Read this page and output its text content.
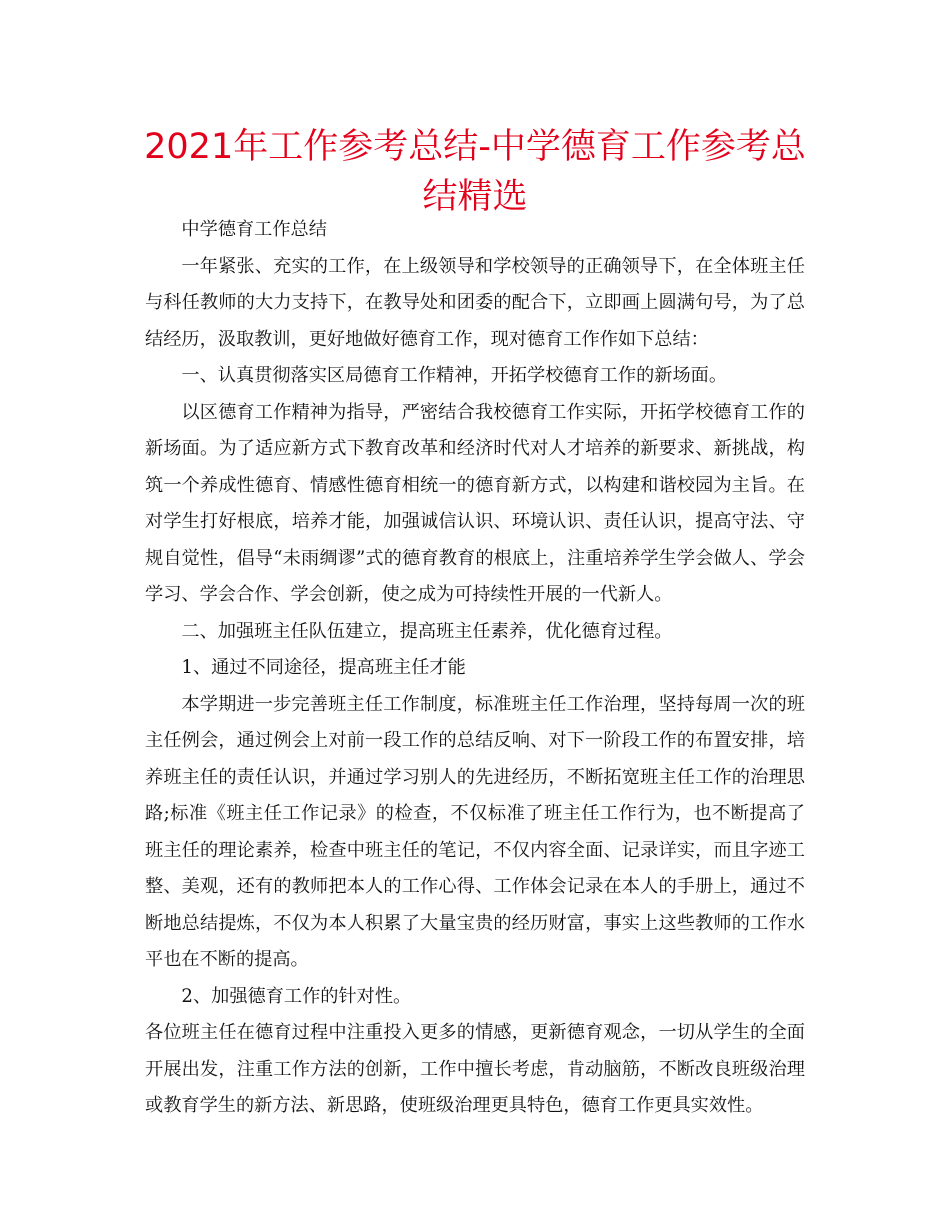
2021年工作参考总结-中学德育工作参考总结精选

中学德育工作总结

一年紧张、充实的工作，在上级领导和学校领导的正确领导下，在全体班主任与科任教师的大力支持下，在教导处和团委的配合下，立即画上圆满句号，为了总结经历，汲取教训，更好地做好德育工作，现对德育工作作如下总结：

一、认真贯彻落实区局德育工作精神，开拓学校德育工作的新场面。

以区德育工作精神为指导，严密结合我校德育工作实际，开拓学校德育工作的新场面。为了适应新方式下教育改革和经济时代对人才培养的新要求、新挑战，构筑一个养成性德育、情感性德育相统一的德育新方式，以构建和谐校园为主旨。在对学生打好根底，培养才能，加强诚信认识、环境认识、责任认识，提高守法、守规自觉性，倡导“未雨绸谬”式的德育教育的根底上，注重培养学生学会做人、学会学习、学会合作、学会创新，使之成为可持续性开展的一代新人。

二、加强班主任队伍建立，提高班主任素养，优化德育过程。

1、通过不同途径，提高班主任才能

本学期进一步完善班主任工作制度，标准班主任工作治理，坚持每周一次的班主任例会，通过例会上对前一段工作的总结反响、对下一阶段工作的布置安排，培养班主任的责任认识，并通过学习别人的先进经历，不断拓宽班主任工作的治理思路;标准《班主任工作记录》的检查，不仅标准了班主任工作行为，也不断提高了班主任的理论素养，检查中班主任的笔记，不仅内容全面、记录详实，而且字迹工整、美观，还有的教师把本人的工作心得、工作体会记录在本人的手册上，通过不断地总结提炼，不仅为本人积累了大量宝贵的经历财富，事实上这些教师的工作水平也在不断的提高。

2、加强德育工作的针对性。

各位班主任在德育过程中注重投入更多的情感，更新德育观念，一切从学生的全面开展出发，注重工作方法的创新，工作中擅长考虑，肯动脑筋，不断改良班级治理或教育学生的新方法、新思路，使班级治理更具特色，德育工作更具实效性。
